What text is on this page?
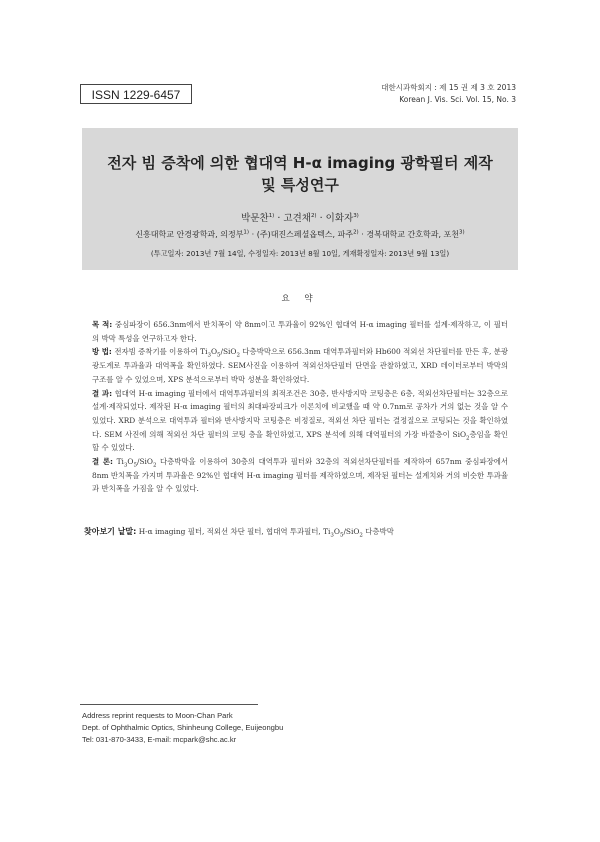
ISSN 1229-6457
대한시과학회지 : 제 15 권 제 3 호 2013
Korean J. Vis. Sci. Vol. 15, No. 3
전자 빔 증착에 의한 협대역 H-α imaging 광학필터 제작
및 특성연구
박문찬$^{1)}$ · 고견채$^{2)}$ · 이화자$^{3)}$
신흥대학교 안경광학과, 의정부$^{1)}$ · (주)대진스페셜옵텍스, 파주$^{2)}$ · 경복대학교 간호학과, 포천$^{3)}$
(투고일자: 2013년 7월 14일, 수정일자: 2013년 8월 10일, 게재확정일자: 2013년 9월 13일)
요 약

목 적: 중심파장이 656.3nm에서 반치폭이 약 8nm이고 투과율이 92%인 협대역 H-α imaging 필터를 설계·제작하고, 이 필터의 박막 특성을 연구하고자 한다.

방 법: 전자빔 증착기를 이용하여 $Ti_3O_5/SiO_2$ 다층박막으로 656.3nm 대역투과필터와 Hb600 적외선 차단필터를 만든 후, 분광광도계로 투과율과 대역폭을 확인하였다. SEM사진을 이용하여 적외선차단필터 단면을 관찰하였고, XRD 데이터로부터 박막의 구조를 알 수 있었으며, XPS 분석으로부터 박막 성분을 확인하였다.

결 과: 협대역 H-α imaging 필터에서 대역투과필터의 최적조건은 30층, 반사방지막 코팅층은 6층, 적외선차단필터는 32층으로 설계·제작되었다. 제작된 H-α imaging 필터의 최대파장피크가 이론치에 비교했을 때 약 0.7nm로 공차가 거의 없는 것을 알 수 있었다. XRD 분석으로 대역투과 필터와 반사방지막 코팅층은 비정질로, 적외선 차단 필터는 결정질으로 코팅되는 것을 확인하였다. SEM 사진에 의해 적외선 차단 필터의 코팅 층을 확인하였고, XPS 분석에 의해 대역필터의 가장 바깥층이 SiO$_2$층임을 확인할 수 있었다.

결 론: $Ti_3O_5/SiO_2$ 다층박막을 이용하여 30층의 대역투과 필터와 32층의 적외선차단필터를 제작하여 657nm 중심파장에서 8nm 반치폭을 가지며 투과율은 92%인 협대역 H-α imaging 필터를 제작하였으며, 제작된 필터는 설계치와 거의 비슷한 투과율과 반치폭을 가짐을 알 수 있었다.

찾아보기 낱말: H-α imaging 필터, 적외선 차단 필터, 협대역 투과필터, $Ti_3O_5/SiO_2$ 다층박막
Address reprint requests to Moon-Chan Park
Dept. of Ophthalmic Optics, Shinheung College, Euijeongbu
Tel: 031-870-3433, E-mail: mcpark@shc.ac.kr
